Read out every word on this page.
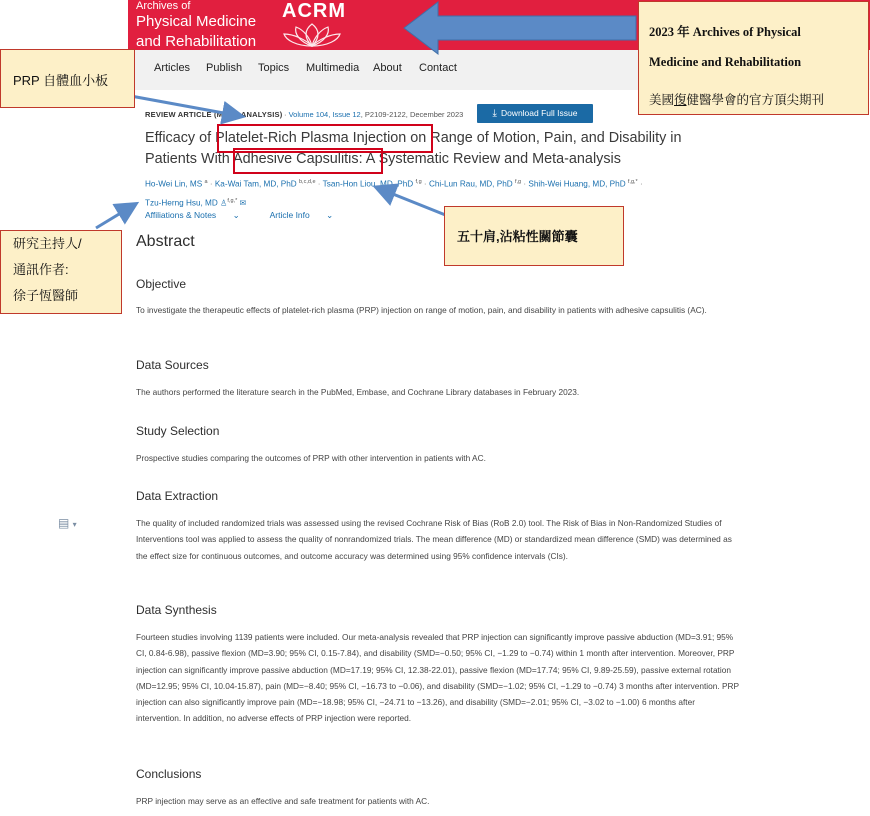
Archives of
Physical Medicine
and Rehabilitation
ACRM
Articles Publish Topics Multimedia About Contact
REVIEW ARTICLE (META-ANALYSIS) · Volume 104, Issue 12, P2109-2122, December 2023	⤓ Download Full Issue
Efficacy of Platelet-Rich Plasma Injection on Range of Motion, Pain, and Disability in
Patients With Adhesive Capsulitis: A Systematic Review and Meta-analysis
Ho-Wei Lin, MS $^a$ · Ka-Wai Tam, MD, PhD $^{b,c,d,e}$ · Tsan-Hon Liou, MD, PhD $^{f,g}$ · Chi-Lun Rau, MD, PhD $^{f,g}$ · Shih-Wei Huang, MD, PhD $^{f,g,*}$ ·
Tzu-Herng Hsu, MD ♙$^{f,g,*}$ ✉
Affiliations & Notes ⌄	Article Info ⌄
Abstract
Objective
To investigate the therapeutic effects of platelet-rich plasma (PRP) injection on range of motion, pain, and disability in patients with adhesive capsulitis (AC).
Data Sources
The authors performed the literature search in the PubMed, Embase, and Cochrane Library databases in February 2023.
Study Selection
Prospective studies comparing the outcomes of PRP with other intervention in patients with AC.
Data Extraction
The quality of included randomized trials was assessed using the revised Cochrane Risk of Bias (RoB 2.0) tool. The Risk of Bias in Non-Randomized Studies of Interventions tool was applied to assess the quality of nonrandomized trials. The mean difference (MD) or standardized mean difference (SMD) was determined as the effect size for continuous outcomes, and outcome accuracy was determined using 95% confidence intervals (CIs).
Data Synthesis
Fourteen studies involving 1139 patients were included. Our meta-analysis revealed that PRP injection can significantly improve passive abduction (MD=3.91; 95% CI, 0.84-6.98), passive flexion (MD=3.90; 95% CI, 0.15-7.84), and disability (SMD=−0.50; 95% CI, −1.29 to −0.74) within 1 month after intervention. Moreover, PRP injection can significantly improve passive abduction (MD=17.19; 95% CI, 12.38-22.01), passive flexion (MD=17.74; 95% CI, 9.89-25.59), passive external rotation (MD=12.95; 95% CI, 10.04-15.87), pain (MD=−8.40; 95% CI, −16.73 to −0.06), and disability (SMD=−1.02; 95% CI, −1.29 to −0.74) 3 months after intervention. PRP injection can also significantly improve pain (MD=−18.98; 95% CI, −24.71 to −13.26), and disability (SMD=−2.01; 95% CI, −3.02 to −1.00) 6 months after intervention. In addition, no adverse effects of PRP injection were reported.
Conclusions
PRP injection may serve as an effective and safe treatment for patients with AC.
▤ ▾
PRP 自體血小板
2023 年 Archives of Physical
Medicine and Rehabilitation
美國復健醫學會的官方頂尖期刊
研究主持人/
通訊作者:
徐子恆醫師
五十肩,沾粘性關節囊
